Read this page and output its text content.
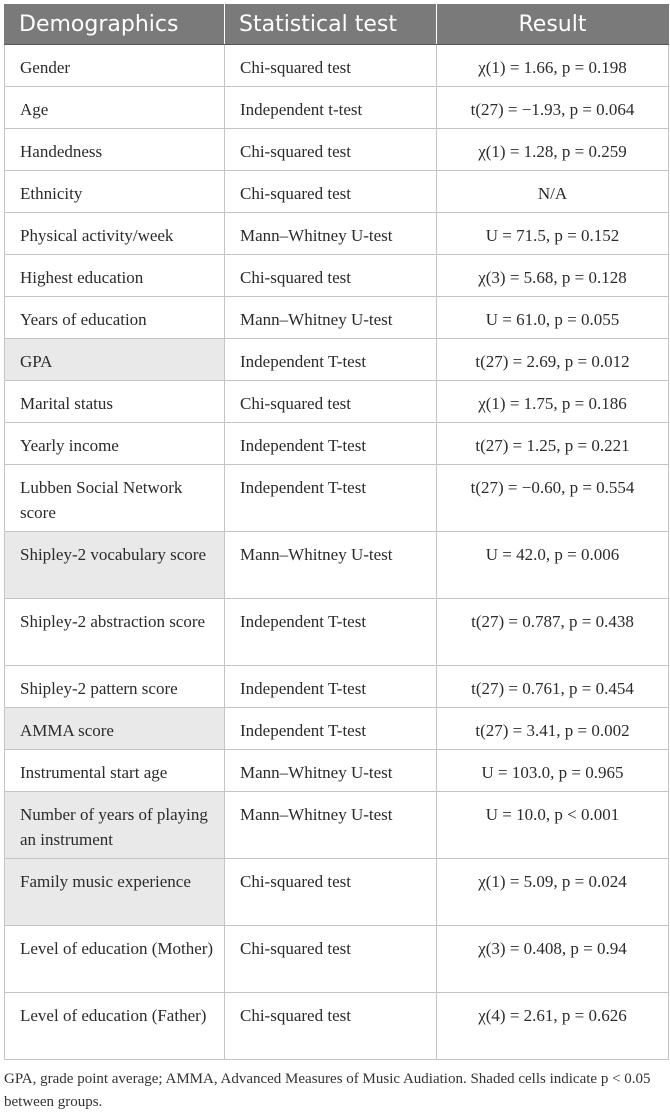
Demographics	Statistical test	Result
Gender	Chi-squared test	χ(1) = 1.66, p = 0.198
Age	Independent t-test	t(27) = −1.93, p = 0.064
Handedness	Chi-squared test	χ(1) = 1.28, p = 0.259
Ethnicity	Chi-squared test	N/A
Physical activity/week	Mann–Whitney U-test	U = 71.5, p = 0.152
Highest education	Chi-squared test	χ(3) = 5.68, p = 0.128
Years of education	Mann–Whitney U-test	U = 61.0, p = 0.055
GPA	Independent T-test	t(27) = 2.69, p = 0.012
Marital status	Chi-squared test	χ(1) = 1.75, p = 0.186
Yearly income	Independent T-test	t(27) = 1.25, p = 0.221
Lubben Social Network score	Independent T-test	t(27) = −0.60, p = 0.554
Shipley-2 vocabulary score	Mann–Whitney U-test	U = 42.0, p = 0.006
Shipley-2 abstraction score	Independent T-test	t(27) = 0.787, p = 0.438
Shipley-2 pattern score	Independent T-test	t(27) = 0.761, p = 0.454
AMMA score	Independent T-test	t(27) = 3.41, p = 0.002
Instrumental start age	Mann–Whitney U-test	U = 103.0, p = 0.965
Number of years of playing an instrument	Mann–Whitney U-test	U = 10.0, p < 0.001
Family music experience	Chi-squared test	χ(1) = 5.09, p = 0.024
Level of education (Mother)	Chi-squared test	χ(3) = 0.408, p = 0.94
Level of education (Father)	Chi-squared test	χ(4) = 2.61, p = 0.626
GPA, grade point average; AMMA, Advanced Measures of Music Audiation. Shaded cells indicate p < 0.05 between groups.
